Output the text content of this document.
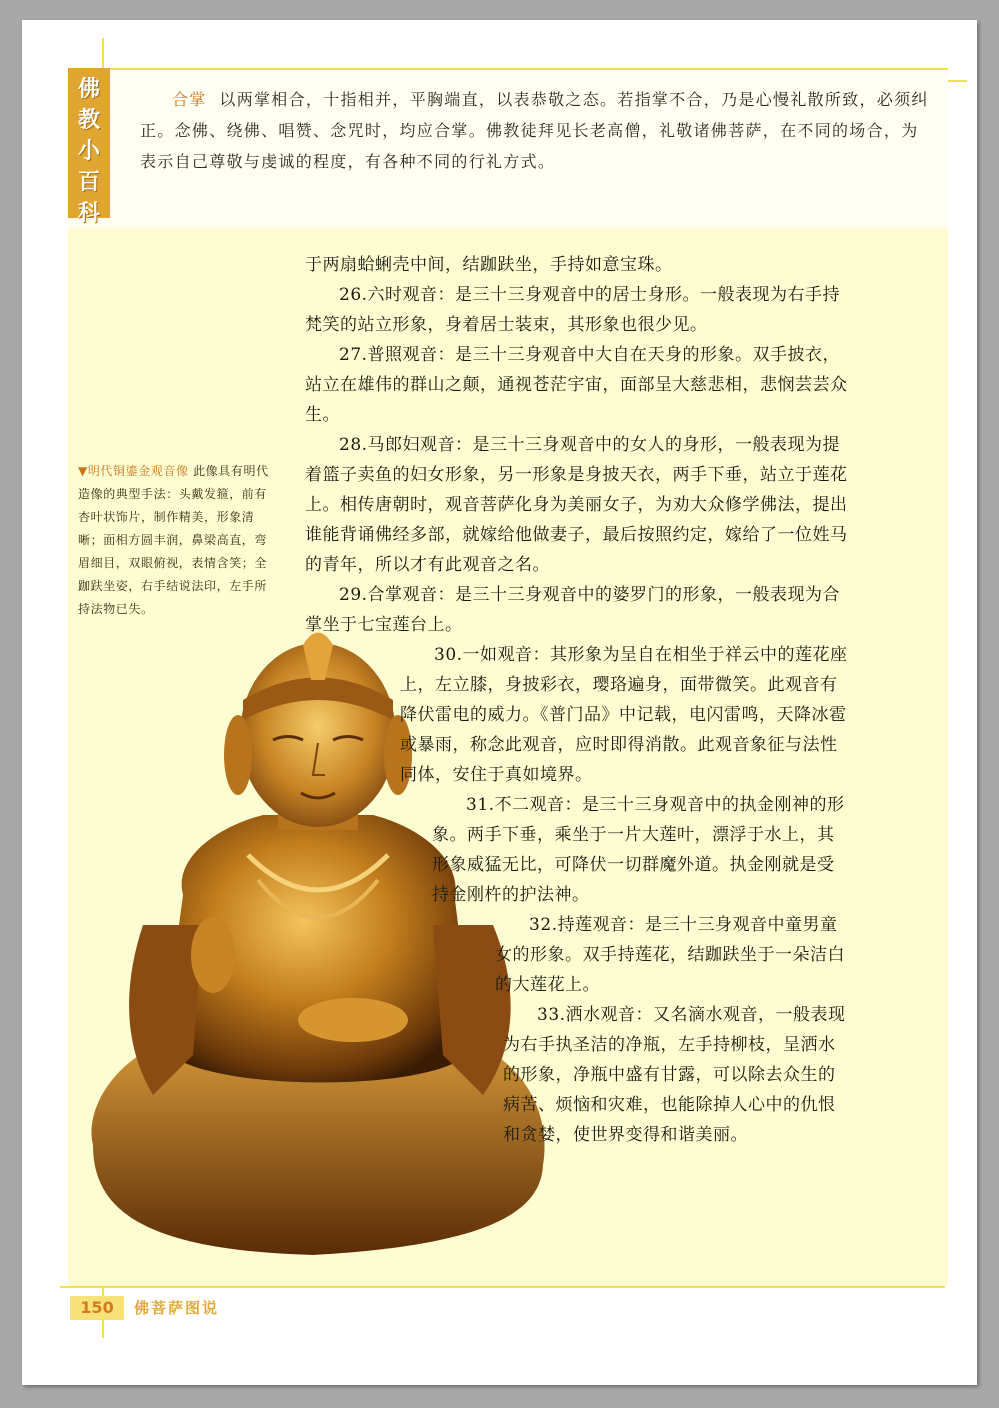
佛
教
小
百
科
合掌 以两掌相合，十指相并，平胸端直，以表恭敬之态。若指掌不合，乃是心慢礼散所致，必须纠正。念佛、绕佛、唱赞、念咒时，均应合掌。佛教徒拜见长老高僧，礼敬诸佛菩萨，在不同的场合，为表示自己尊敬与虔诚的程度，有各种不同的行礼方式。
▼明代铜鎏金观音像 此像具有明代造像的典型手法：头戴发箍，前有杏叶状饰片，制作精美，形象清晰；面相方圆丰润，鼻梁高直，弯眉细目，双眼俯视，表情含笑；全跏趺坐姿，右手结说法印，左手所持法物已失。

于两扇蛤蜊壳中间，结跏趺坐，手持如意宝珠。

26.六时观音：是三十三身观音中的居士身形。一般表现为右手持梵笑的站立形象，身着居士装束，其形象也很少见。

27.普照观音：是三十三身观音中大自在天身的形象。双手披衣，站立在雄伟的群山之颠，通视苍茫宇宙，面部呈大慈悲相，悲悯芸芸众生。

28.马郎妇观音：是三十三身观音中的女人的身形，一般表现为提着篮子卖鱼的妇女形象，另一形象是身披天衣，两手下垂，站立于莲花上。相传唐朝时，观音菩萨化身为美丽女子，为劝大众修学佛法，提出谁能背诵佛经多部，就嫁给他做妻子，最后按照约定，嫁给了一位姓马的青年，所以才有此观音之名。

29.合掌观音：是三十三身观音中的婆罗门的形象，一般表现为合掌坐于七宝莲台上。

30.一如观音：其形象为呈自在相坐于祥云中的莲花座上，左立膝，身披彩衣，璎珞遍身，面带微笑。此观音有降伏雷电的威力。《普门品》中记载，电闪雷鸣，天降冰雹或暴雨，称念此观音，应时即得消散。此观音象征与法性同体，安住于真如境界。

31.不二观音：是三十三身观音中的执金刚神的形象。两手下垂，乘坐于一片大莲叶，漂浮于水上，其形象威猛无比，可降伏一切群魔外道。执金刚就是受持金刚杵的护法神。

32.持莲观音：是三十三身观音中童男童女的形象。双手持莲花，结跏趺坐于一朵洁白的大莲花上。

33.洒水观音：又名滴水观音，一般表现为右手执圣洁的净瓶，左手持柳枝，呈洒水的形象，净瓶中盛有甘露，可以除去众生的病苦、烦恼和灾难，也能除掉人心中的仇恨和贪婪，使世界变得和谐美丽。

150	佛菩萨图说
